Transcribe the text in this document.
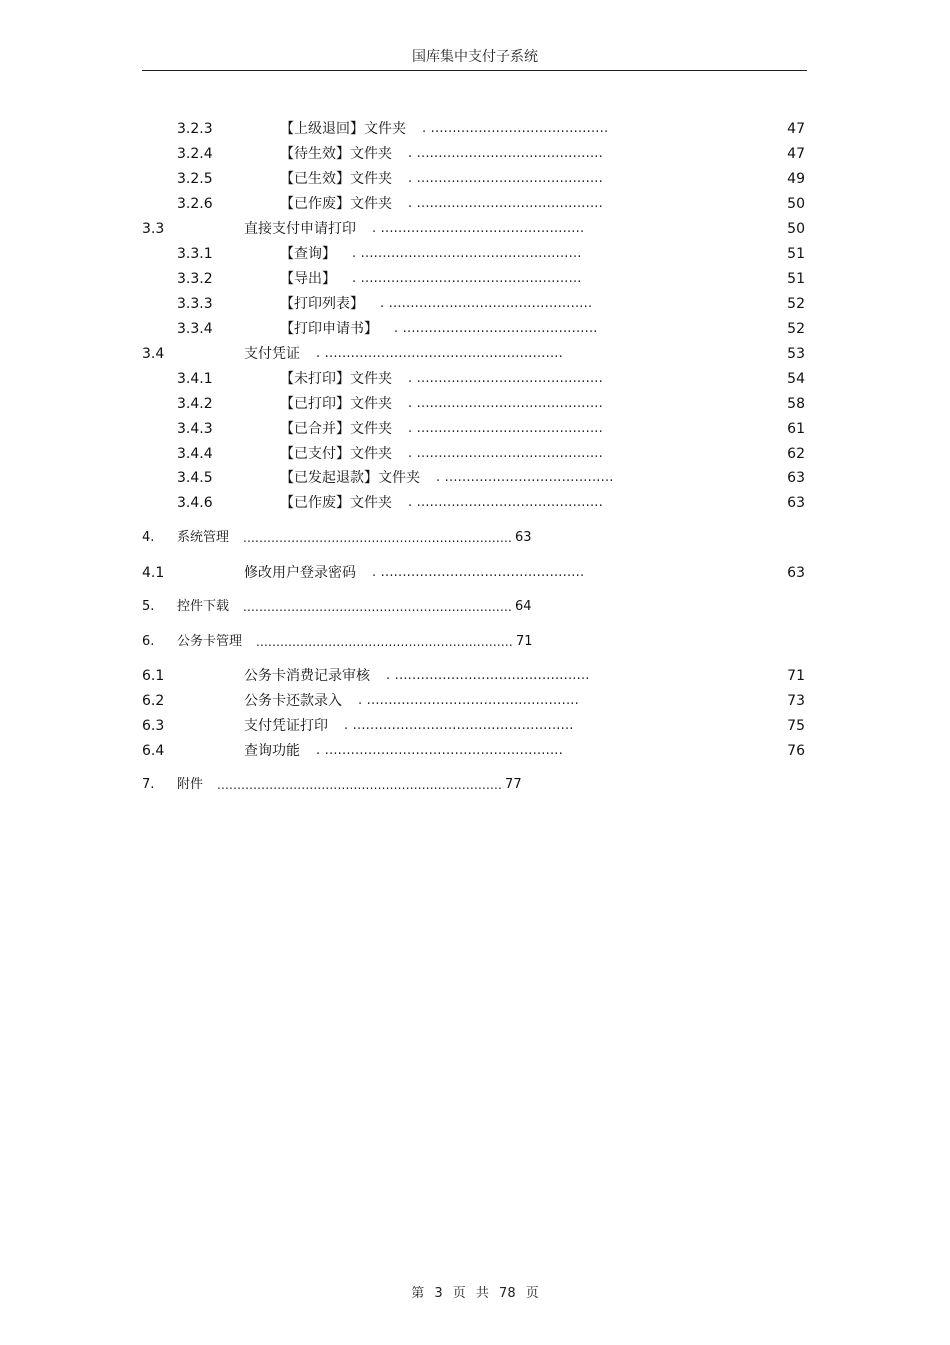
国库集中支付子系统
3.2.3	【上级退回】文件夹 . .........................................	47
3.2.4	【待生效】文件夹 . ...........................................	47
3.2.5	【已生效】文件夹 . ...........................................	49
3.2.6	【已作废】文件夹 . ...........................................	50
3.3	直接支付申请打印 . ...............................................	50
3.3.1	【查询】 . ...................................................	51
3.3.2	【导出】 . ...................................................	51
3.3.3	【打印列表】 . ...............................................	52
3.3.4	【打印申请书】 . .............................................	52
3.4	支付凭证 . .......................................................	53
3.4.1	【未打印】文件夹 . ...........................................	54
3.4.2	【已打印】文件夹 . ...........................................	58
3.4.3	【已合并】文件夹 . ...........................................	61
3.4.4	【已支付】文件夹 . ...........................................	62
3.4.5	【已发起退款】文件夹 . .......................................	63
3.4.6	【已作废】文件夹 . ...........................................	63
4. 系统管理 ................................................................... 63
4.1	修改用户登录密码 . ...............................................	63
5. 控件下载 ................................................................... 64
6. 公务卡管理 ................................................................ 71
6.1	公务卡消费记录审核 . .............................................	71
6.2	公务卡还款录入 . .................................................	73
6.3	支付凭证打印 . ...................................................	75
6.4	查询功能 . .......................................................	76
7. 附件 ....................................................................... 77
第 3 页 共 78 页
